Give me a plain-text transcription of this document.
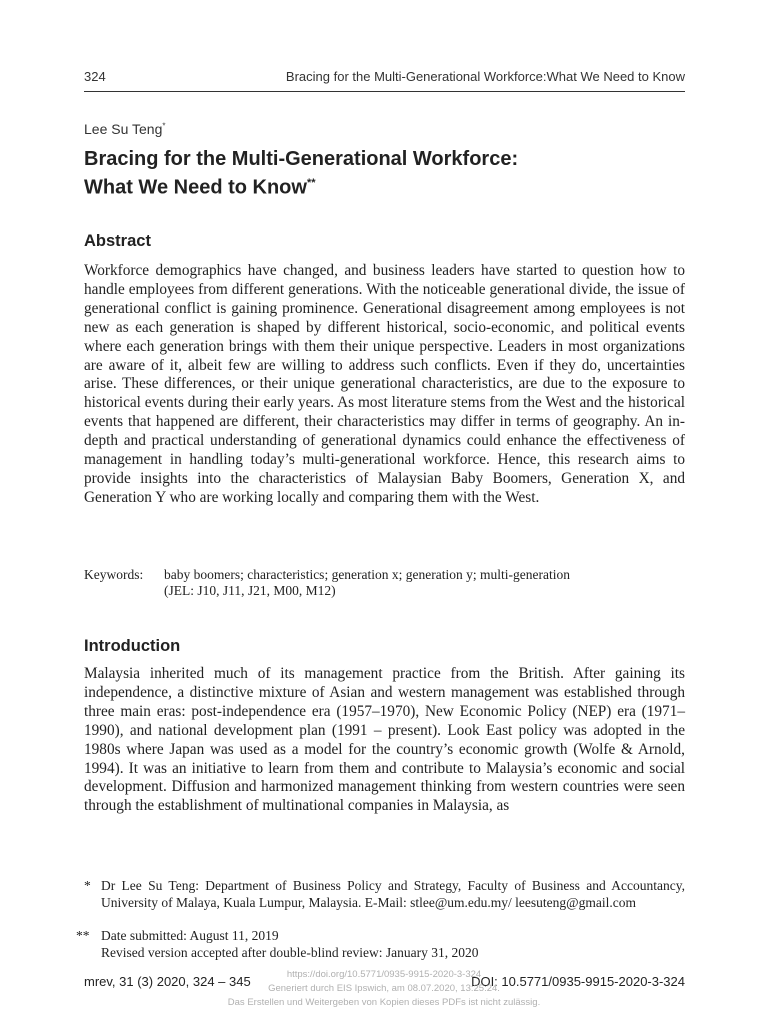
324	Bracing for the Multi-Generational Workforce:What We Need to Know
Lee Su Teng*
Bracing for the Multi-Generational Workforce:
What We Need to Know**
Abstract
Workforce demographics have changed, and business leaders have started to question how to handle employees from different generations. With the noticeable generational divide, the issue of generational conflict is gaining prominence. Generational disagreement among employees is not new as each generation is shaped by different historical, socio-economic, and political events where each generation brings with them their unique perspective. Leaders in most organizations are aware of it, albeit few are willing to address such conflicts. Even if they do, uncertainties arise. These differences, or their unique generational characteristics, are due to the exposure to historical events during their early years. As most literature stems from the West and the historical events that happened are different, their characteristics may differ in terms of geography. An in-depth and practical understanding of generational dynamics could enhance the effectiveness of management in handling today’s multi-generational workforce. Hence, this research aims to provide insights into the characteristics of Malaysian Baby Boomers, Generation X, and Generation Y who are working locally and comparing them with the West.
Keywords: baby boomers; characteristics; generation x; generation y; multi-generation
(JEL: J10, J11, J21, M00, M12)
Introduction
Malaysia inherited much of its management practice from the British. After gaining its independence, a distinctive mixture of Asian and western management was established through three main eras: post-independence era (1957–1970), New Economic Policy (NEP) era (1971–1990), and national development plan (1991 – present). Look East policy was adopted in the 1980s where Japan was used as a model for the country’s economic growth (Wolfe & Arnold, 1994). It was an initiative to learn from them and contribute to Malaysia’s economic and social development. Diffusion and harmonized management thinking from western countries were seen through the establishment of multinational companies in Malaysia, as
* Dr Lee Su Teng: Department of Business Policy and Strategy, Faculty of Business and Accountancy, University of Malaya, Kuala Lumpur, Malaysia. E-Mail: stlee@um.edu.my/ leesuteng@gmail.com
** Date submitted: August 11, 2019
Revised version accepted after double-blind review: January 31, 2020
mrev, 31 (3) 2020, 324 – 345	DOI: 10.5771/0935-9915-2020-3-324
https://doi.org/10.5771/0935-9915-2020-3-324
Generiert durch EIS Ipswich, am 08.07.2020, 13:25:24.
Das Erstellen und Weitergeben von Kopien dieses PDFs ist nicht zulässig.
